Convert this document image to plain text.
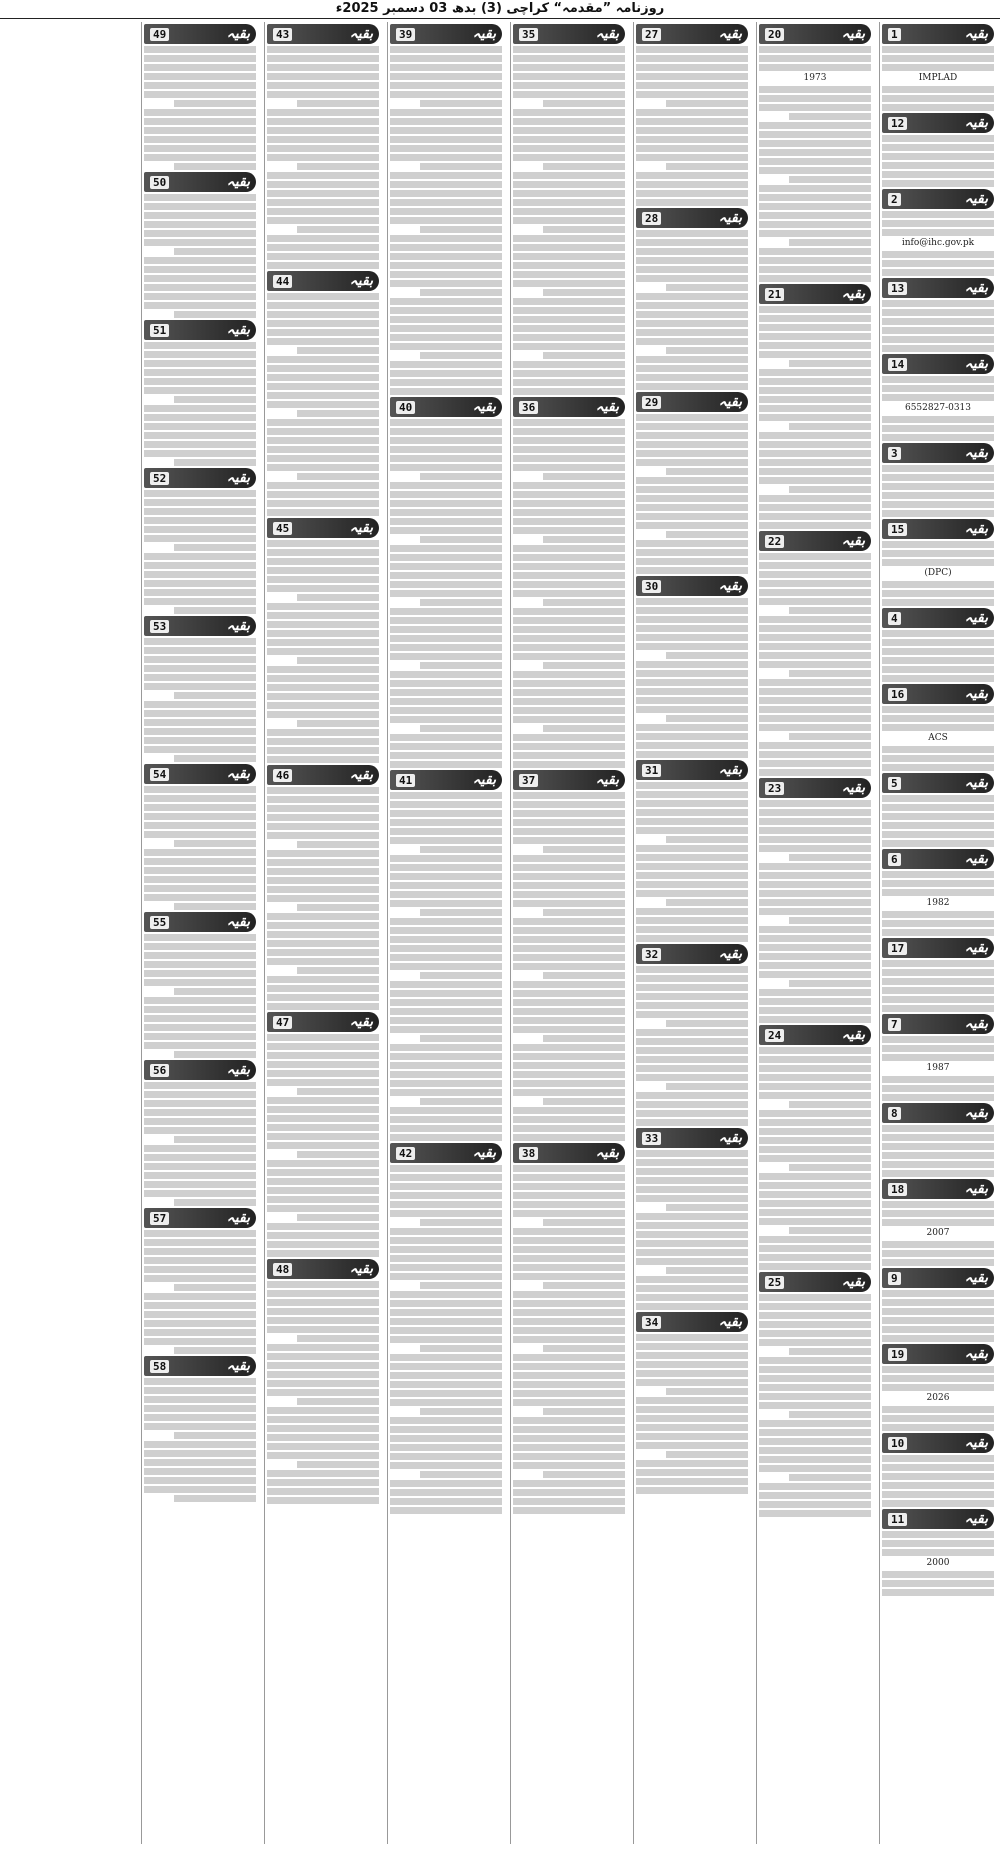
روزنامہ ”مقدمہ“ کراچی (3) بدھ 03 دسمبر 2025ء
1	بقیہ
IMPLAD
12	بقیہ
2	بقیہ
info@ihc.gov.pk
13	بقیہ
14	بقیہ
6552827-0313
3	بقیہ
15	بقیہ
(DPC)
4	بقیہ
16	بقیہ
ACS
5	بقیہ
6	بقیہ
1982
17	بقیہ
7	بقیہ
1987
8	بقیہ
18	بقیہ
2007
9	بقیہ
19	بقیہ
2026
10	بقیہ
11	بقیہ
2000
20	بقیہ
1973
21	بقیہ
22	بقیہ
23	بقیہ
24	بقیہ
25	بقیہ
27	بقیہ
28	بقیہ
29	بقیہ
30	بقیہ
31	بقیہ
32	بقیہ
33	بقیہ
34	بقیہ
35	بقیہ
36	بقیہ
37	بقیہ
38	بقیہ
39	بقیہ
40	بقیہ
41	بقیہ
42	بقیہ
43	بقیہ
44	بقیہ
45	بقیہ
46	بقیہ
47	بقیہ
48	بقیہ
49	بقیہ
50	بقیہ
51	بقیہ
52	بقیہ
53	بقیہ
54	بقیہ
55	بقیہ
56	بقیہ
57	بقیہ
58	بقیہ
